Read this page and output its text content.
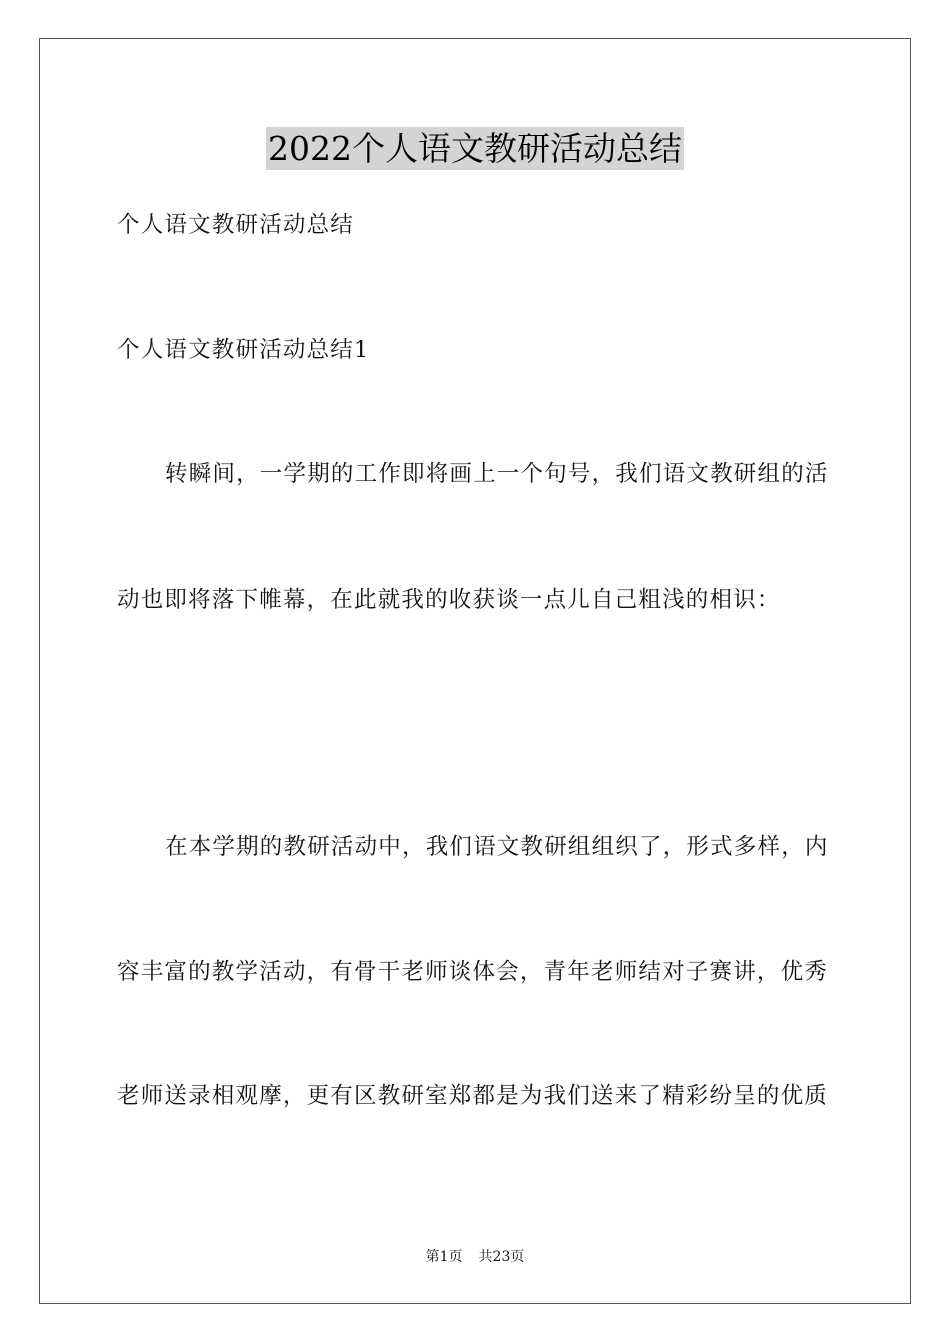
2022个人语文教研活动总结
个人语文教研活动总结
个人语文教研活动总结1
转瞬间，一学期的工作即将画上一个句号，我们语文教研组的活
动也即将落下帷幕，在此就我的收获谈一点儿自己粗浅的相识：
在本学期的教研活动中，我们语文教研组组织了，形式多样，内
容丰富的教学活动，有骨干老师谈体会，青年老师结对子赛讲，优秀
老师送录相观摩，更有区教研室郑都是为我们送来了精彩纷呈的优质
第1页 共23页
